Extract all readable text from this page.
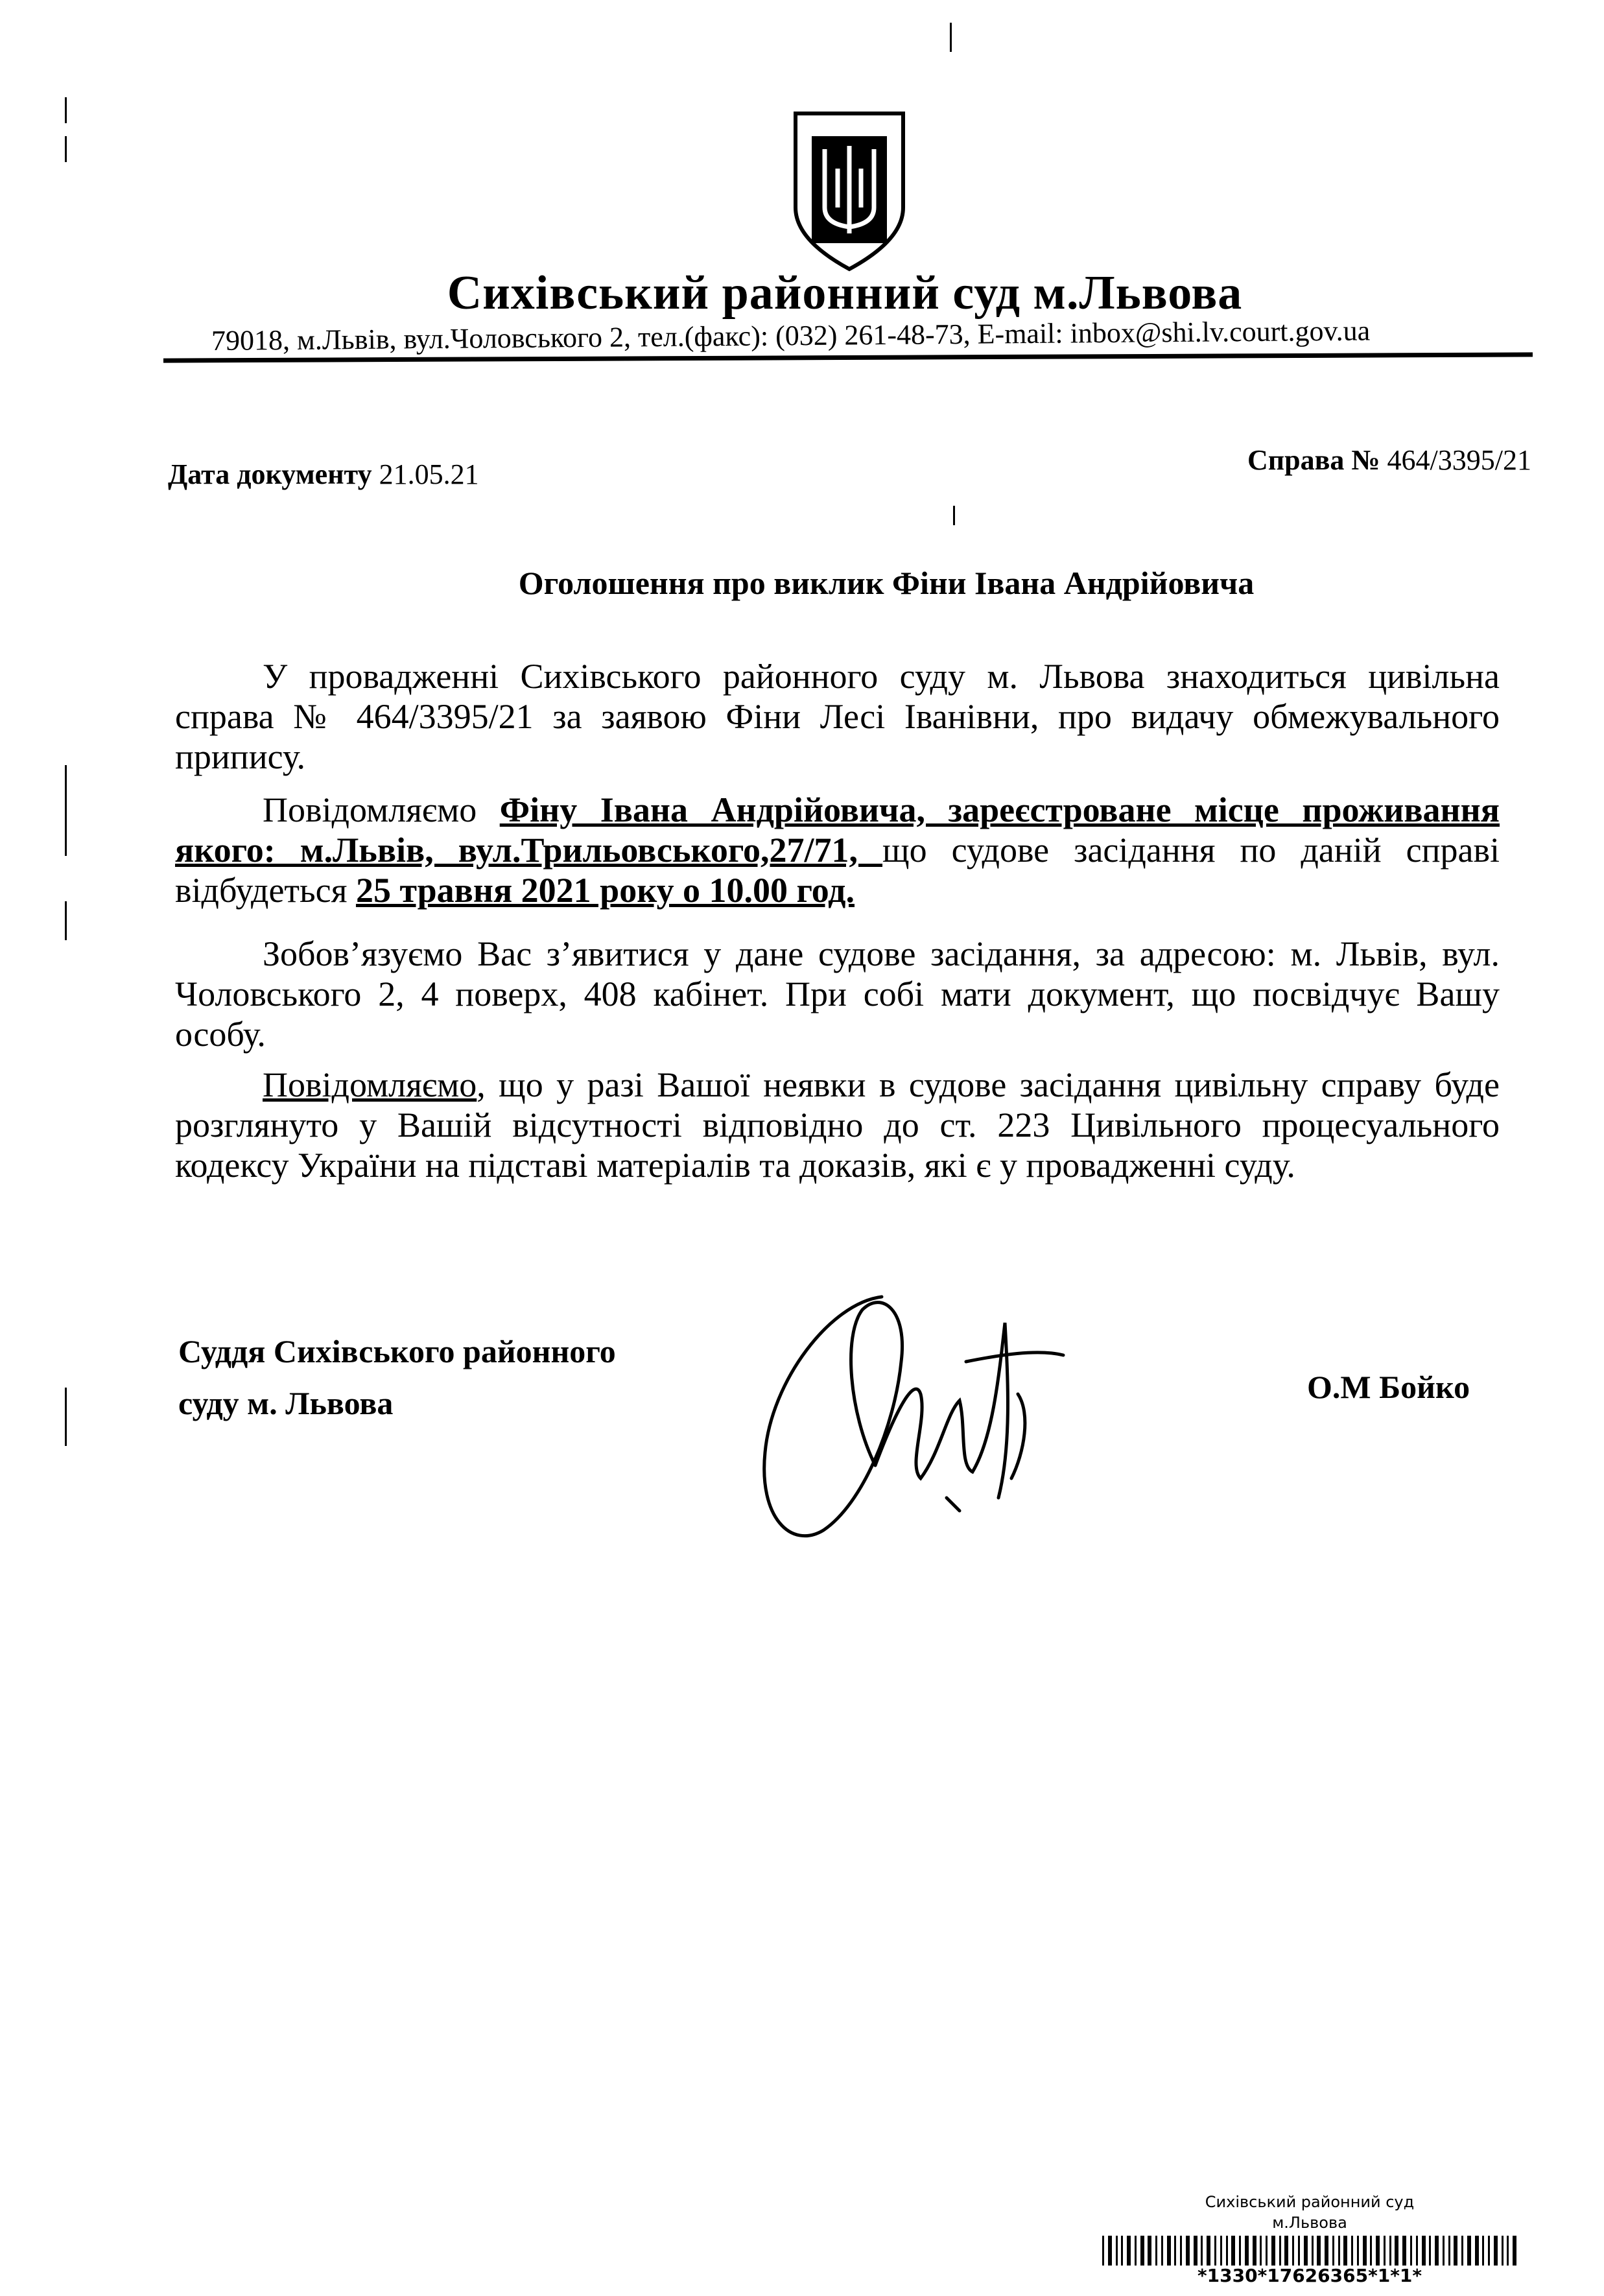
Сихівський районний суд м.Львова
79018, м.Львів, вул.Чоловського 2, тел.(факс): (032) 261-48-73, E-mail: inbox@shi.lv.court.gov.ua
Дата документу 21.05.21	Справа № 464/3395/21
Оголошення про виклик Фіни Івана Андрійовича

У провадженні Сихівського районного суду м. Львова знаходиться цивільна справа № 464/3395/21 за заявою Фіни Лесі Іванівни, про видачу обмежувального припису.

Повідомляємо Фіну Івана Андрійовича, зареєстроване місце проживання якого: м.Львів, вул.Трильовського,27/71, що судове засідання по даній справі відбудеться 25 травня 2021 року о 10.00 год.

Зобов’язуємо Вас з’явитися у дане судове засідання, за адресою: м. Львів, вул. Чоловського 2, 4 поверх, 408 кабінет. При собі мати документ, що посвідчує Вашу особу.

Повідомляємо, що у разі Вашої неявки в судове засідання цивільну справу буде розглянуто у Вашій відсутності відповідно до ст. 223 Цивільного процесуального кодексу України на підставі матеріалів та доказів, які є у провадженні суду.

Суддя Сихівського районного
суду м. Львова	О.М Бойко
Сихівський районний суд
м.Львова
*1330*17626365*1*1*
